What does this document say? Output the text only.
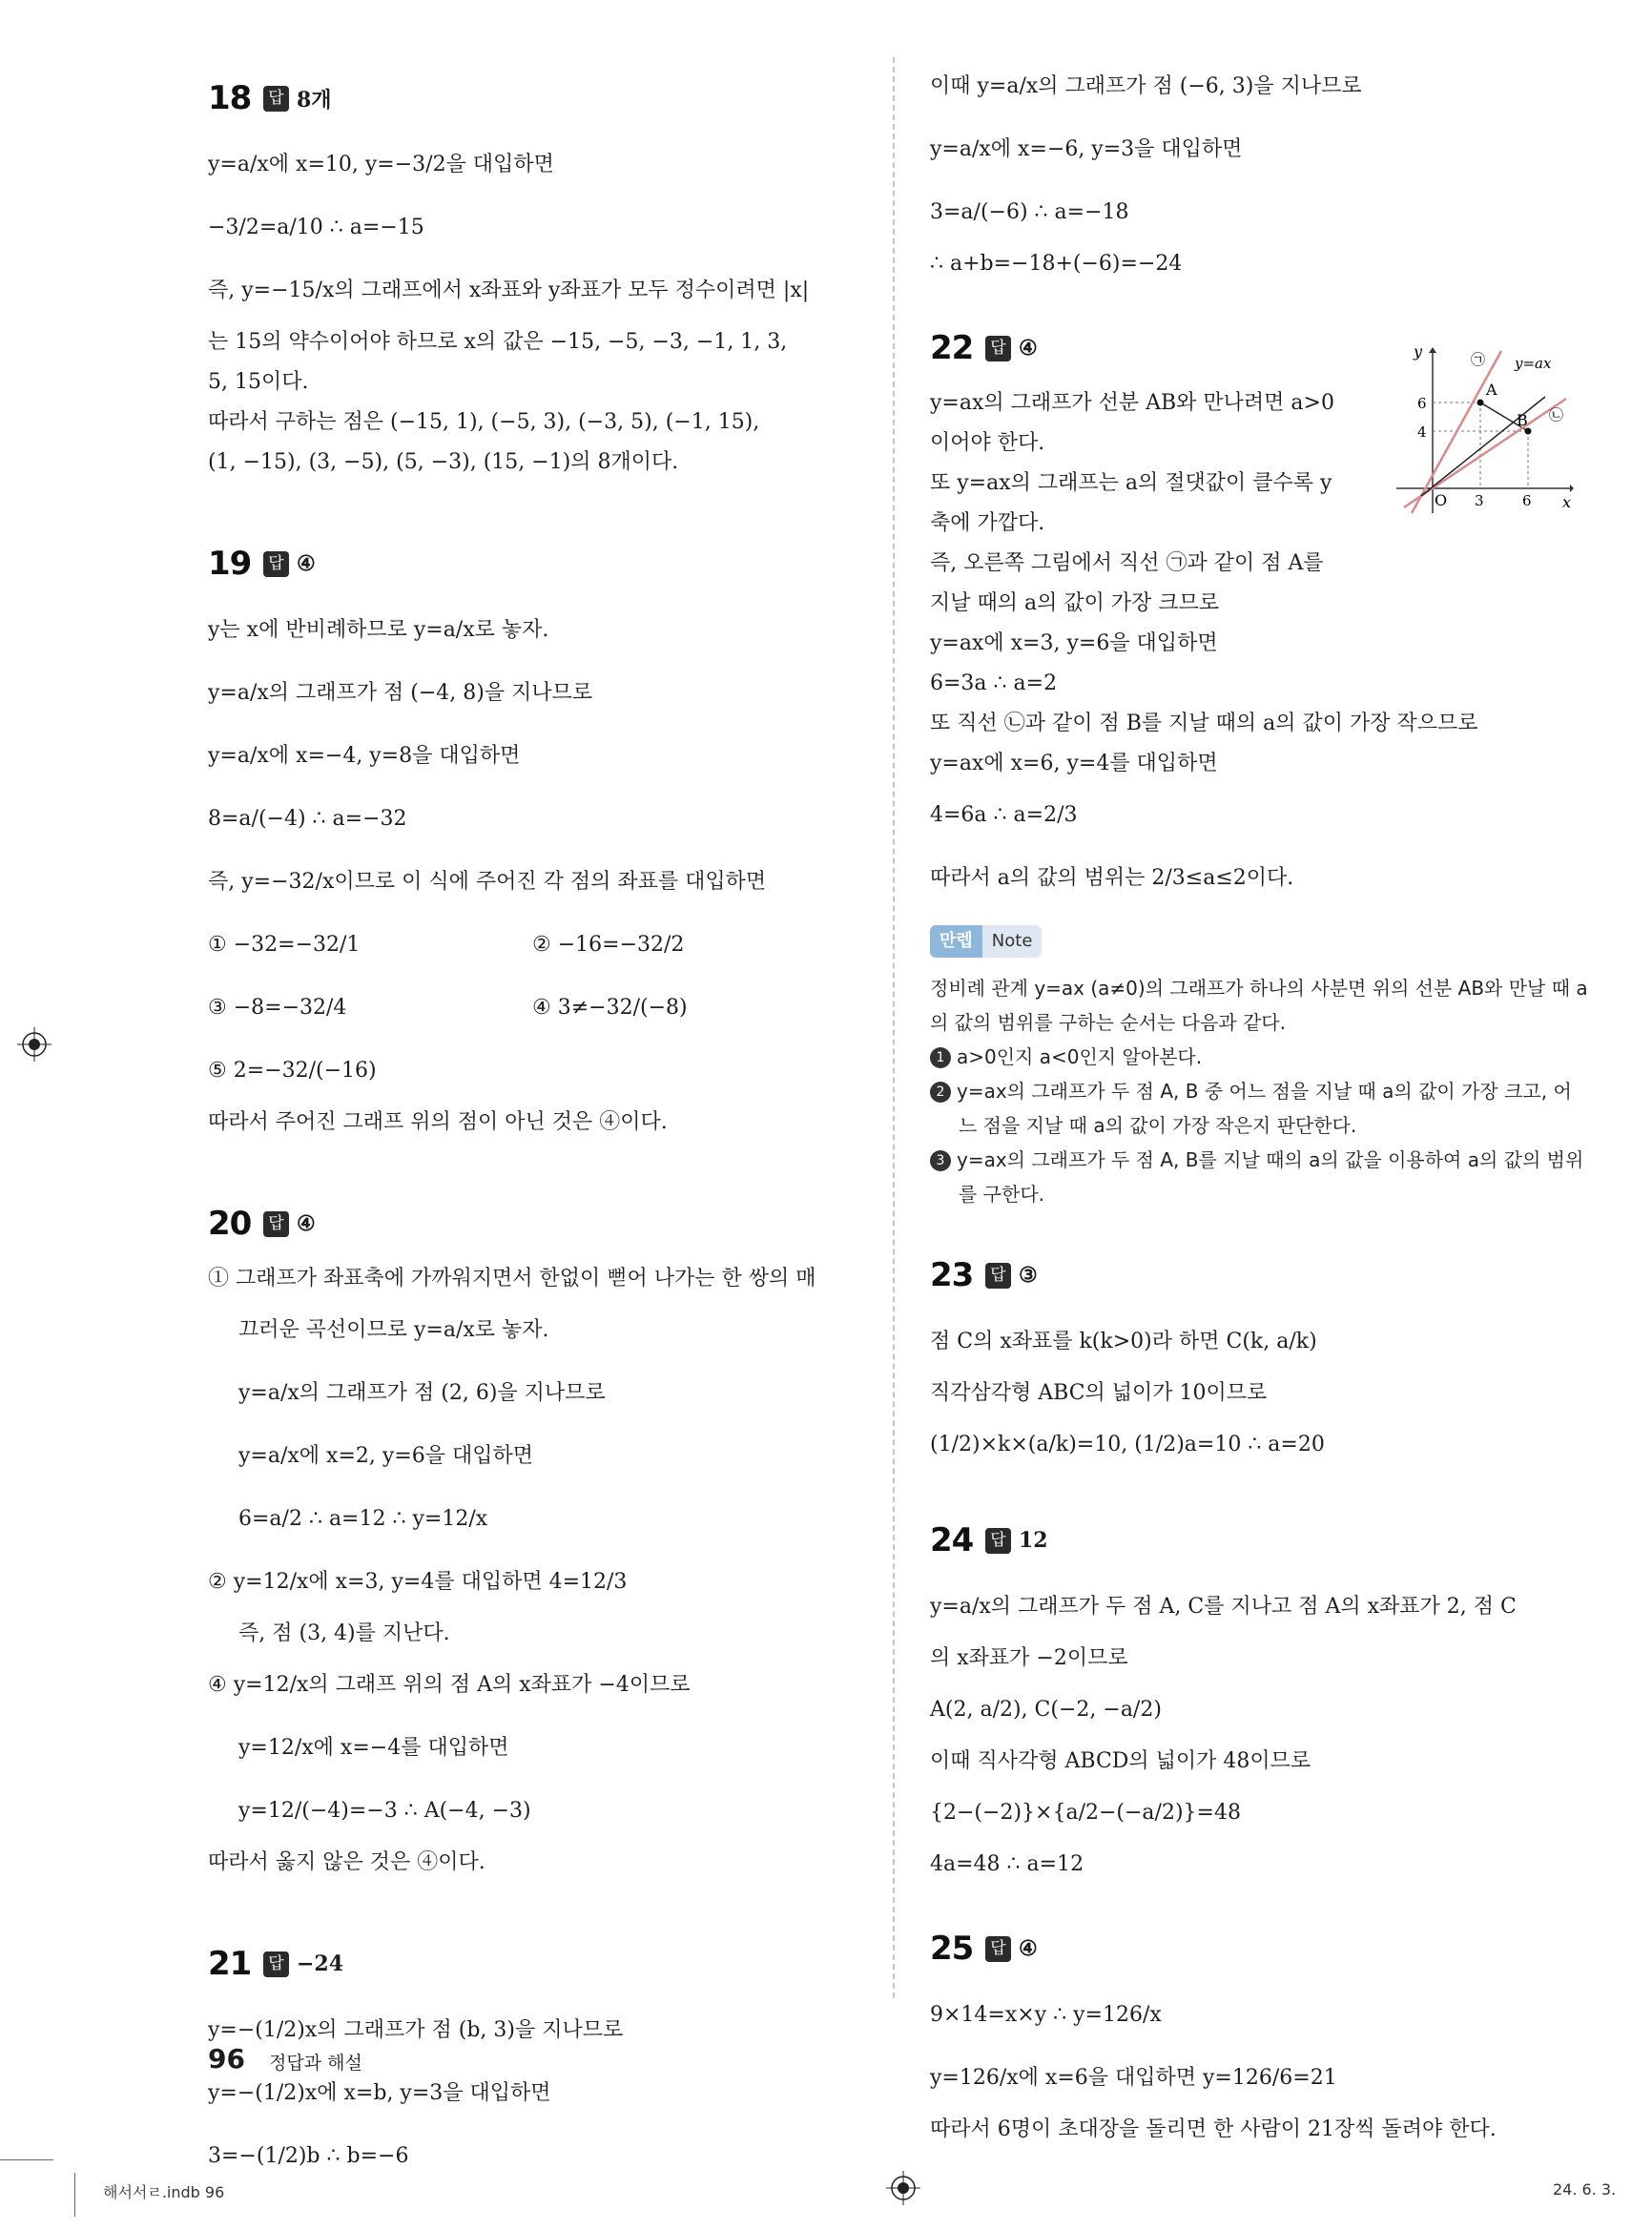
18	답 8개
y=a/x에 x=10, y=−3/2을 대입하면
−3/2=a/10 ∴ a=−15
즉, y=−15/x의 그래프에서 x좌표와 y좌표가 모두 정수이려면 |x|
는 15의 약수이어야 하므로 x의 값은 −15, −5, −3, −1, 1, 3,
5, 15이다.
따라서 구하는 점은 (−15, 1), (−5, 3), (−3, 5), (−1, 15),
(1, −15), (3, −5), (5, −3), (15, −1)의 8개이다.
19	답 ④
y는 x에 반비례하므로 y=a/x로 놓자.
y=a/x의 그래프가 점 (−4, 8)을 지나므로
y=a/x에 x=−4, y=8을 대입하면
8=a/(−4) ∴ a=−32
즉, y=−32/x이므로 이 식에 주어진 각 점의 좌표를 대입하면
① −32=−32/1	② −16=−32/2
③ −8=−32/4	④ 3≠−32/(−8)
⑤ 2=−32/(−16)
따라서 주어진 그래프 위의 점이 아닌 것은 ④이다.
20	답 ④
① 그래프가 좌표축에 가까워지면서 한없이 뻗어 나가는 한 쌍의 매
끄러운 곡선이므로 y=a/x로 놓자.
y=a/x의 그래프가 점 (2, 6)을 지나므로
y=a/x에 x=2, y=6을 대입하면
6=a/2 ∴ a=12 ∴ y=12/x
② y=12/x에 x=3, y=4를 대입하면 4=12/3
즉, 점 (3, 4)를 지난다.
④ y=12/x의 그래프 위의 점 A의 x좌표가 −4이므로
y=12/x에 x=−4를 대입하면
y=12/(−4)=−3 ∴ A(−4, −3)
따라서 옳지 않은 것은 ④이다.
21	답 −24
y=−(1/2)x의 그래프가 점 (b, 3)을 지나므로
y=−(1/2)x에 x=b, y=3을 대입하면
3=−(1/2)b ∴ b=−6
이때 y=a/x의 그래프가 점 (−6, 3)을 지나므로
y=a/x에 x=−6, y=3을 대입하면
3=a/(−6) ∴ a=−18
∴ a+b=−18+(−6)=−24
22	답 ④
y=ax의 그래프가 선분 AB와 만나려면 a>0
이어야 한다.
또 y=ax의 그래프는 a의 절댓값이 클수록 y
축에 가깝다.
즉, 오른쪽 그림에서 직선 ㉠과 같이 점 A를
지날 때의 a의 값이 가장 크므로
y=ax에 x=3, y=6을 대입하면
6=3a ∴ a=2
또 직선 ㉡과 같이 점 B를 지날 때의 a의 값이 가장 작으므로
y=ax에 x=6, y=4를 대입하면
4=6a ∴ a=2/3
따라서 a의 값의 범위는 2/3≤a≤2이다.
y
x
O 3	6
4
6
A
B
㉠
㉡
y=ax
만렙	Note
정비례 관계 y=ax (a≠0)의 그래프가 하나의 사분면 위의 선분 AB와 만날 때 a의 값의 범위를 구하는 순서는 다음과 같다.
1 a>0인지 a<0인지 알아본다.
2 y=ax의 그래프가 두 점 A, B 중 어느 점을 지날 때 a의 값이 가장 크고, 어느 점을 지날 때 a의 값이 가장 작은지 판단한다.
3 y=ax의 그래프가 두 점 A, B를 지날 때의 a의 값을 이용하여 a의 값의 범위를 구한다.
23	답 ③
점 C의 x좌표를 k(k>0)라 하면 C(k, a/k)
직각삼각형 ABC의 넓이가 10이므로
(1/2)×k×(a/k)=10, (1/2)a=10 ∴ a=20
24	답 12
y=a/x의 그래프가 두 점 A, C를 지나고 점 A의 x좌표가 2, 점 C
의 x좌표가 −2이므로
A(2, a/2), C(−2, −a/2)
이때 직사각형 ABCD의 넓이가 48이므로
{2−(−2)}×{a/2−(−a/2)}=48
4a=48 ∴ a=12
25	답 ④
9×14=x×y ∴ y=126/x
y=126/x에 x=6을 대입하면 y=126/6=21
따라서 6명이 초대장을 돌리면 한 사람이 21장씩 돌려야 한다.
96 정답과 해설
해서서ㄹ.indb 96	24. 6. 3.
